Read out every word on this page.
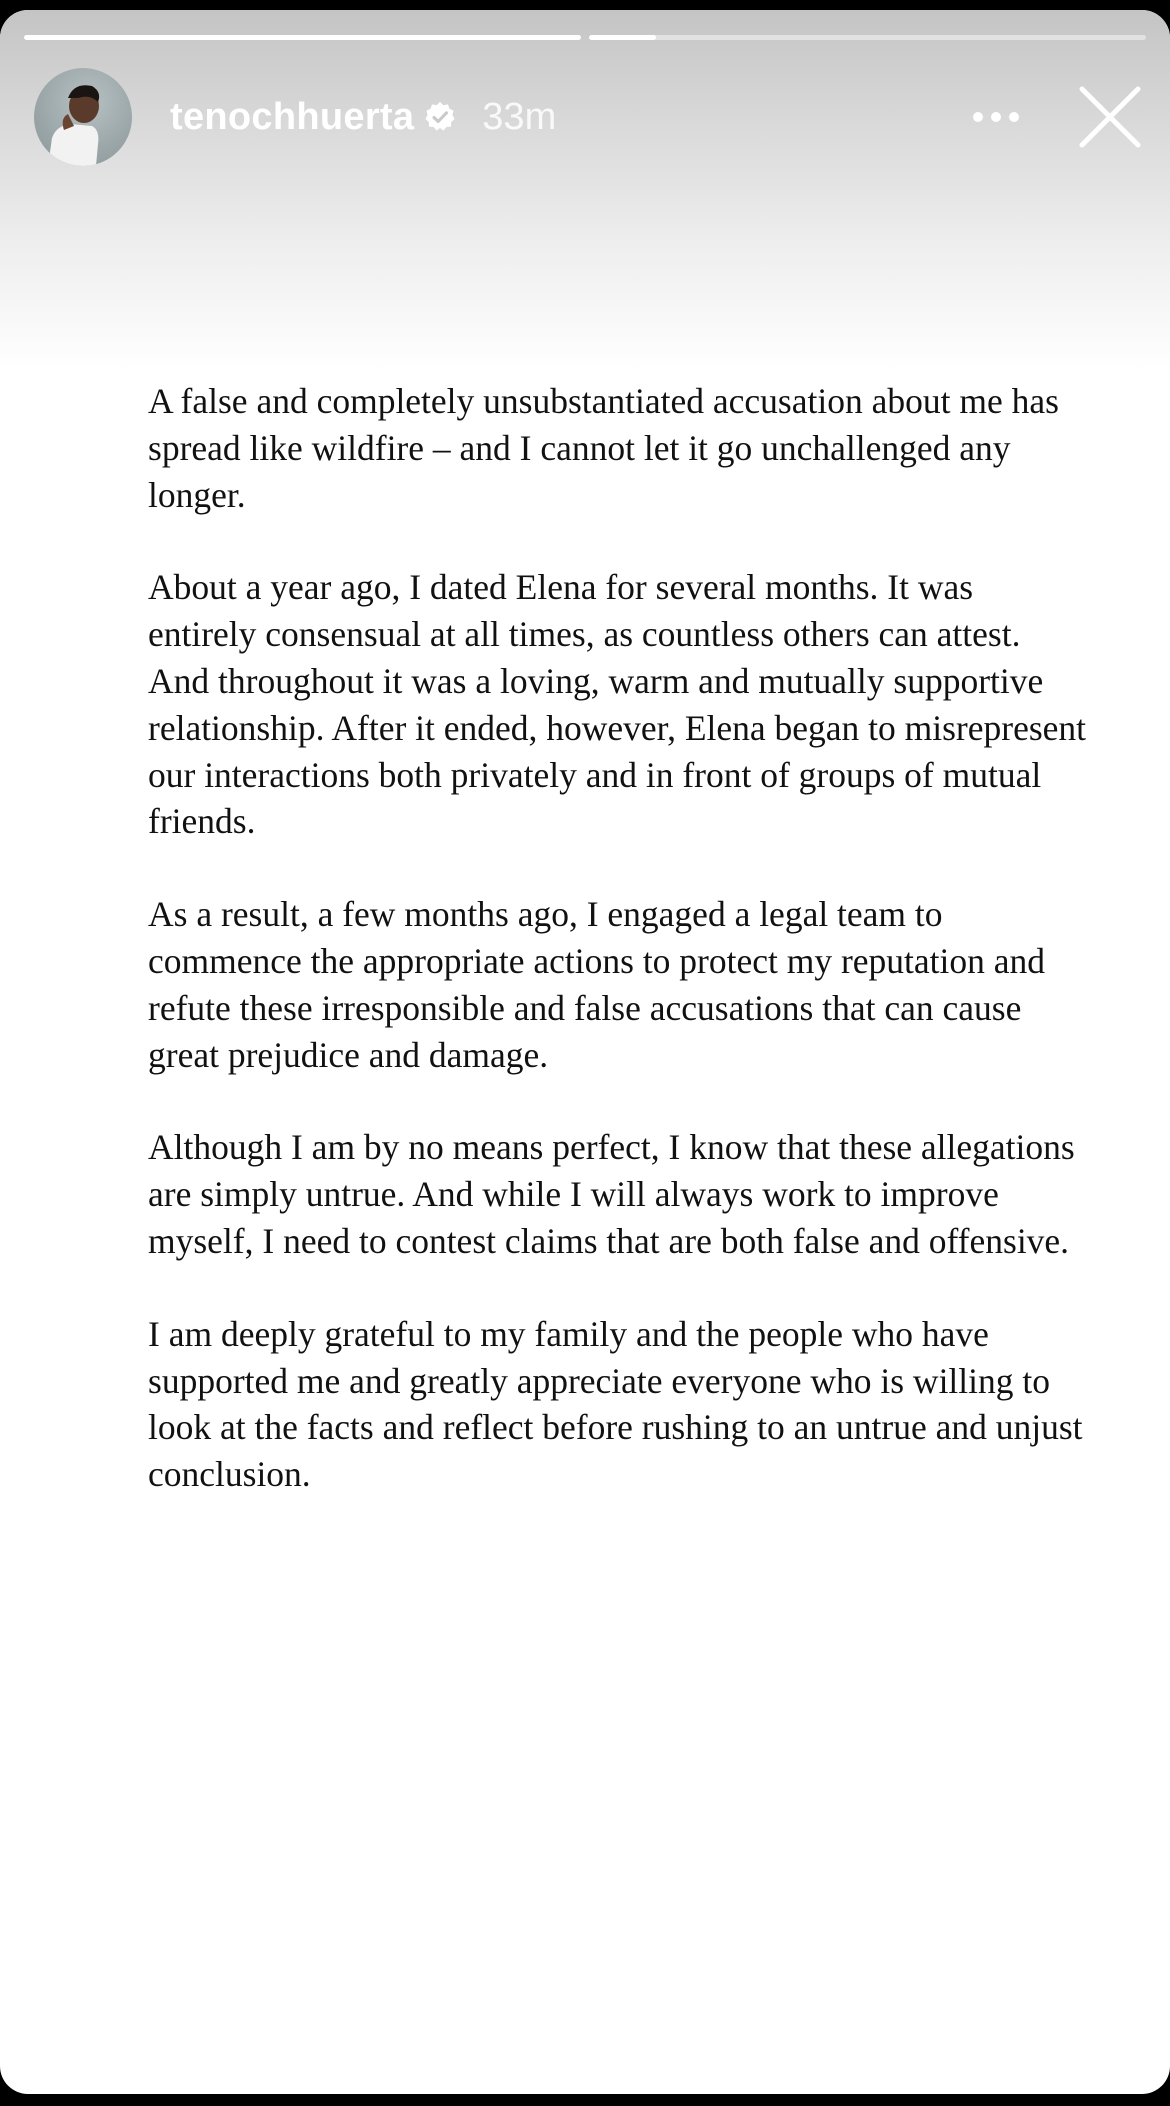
tenochhuerta 33m

A false and completely unsubstantiated accusation about me has spread like wildfire – and I cannot let it go unchallenged any longer.

About a year ago, I dated Elena for several months. It was entirely consensual at all times, as countless others can attest. And throughout it was a loving, warm and mutually supportive relationship. After it ended, however, Elena began to misrepresent our interactions both privately and in front of groups of mutual friends.

As a result, a few months ago, I engaged a legal team to commence the appropriate actions to protect my reputation and refute these irresponsible and false accusations that can cause great prejudice and damage.

Although I am by no means perfect, I know that these allegations are simply untrue. And while I will always work to improve myself, I need to contest claims that are both false and offensive.

I am deeply grateful to my family and the people who have supported me and greatly appreciate everyone who is willing to look at the facts and reflect before rushing to an untrue and unjust conclusion.
